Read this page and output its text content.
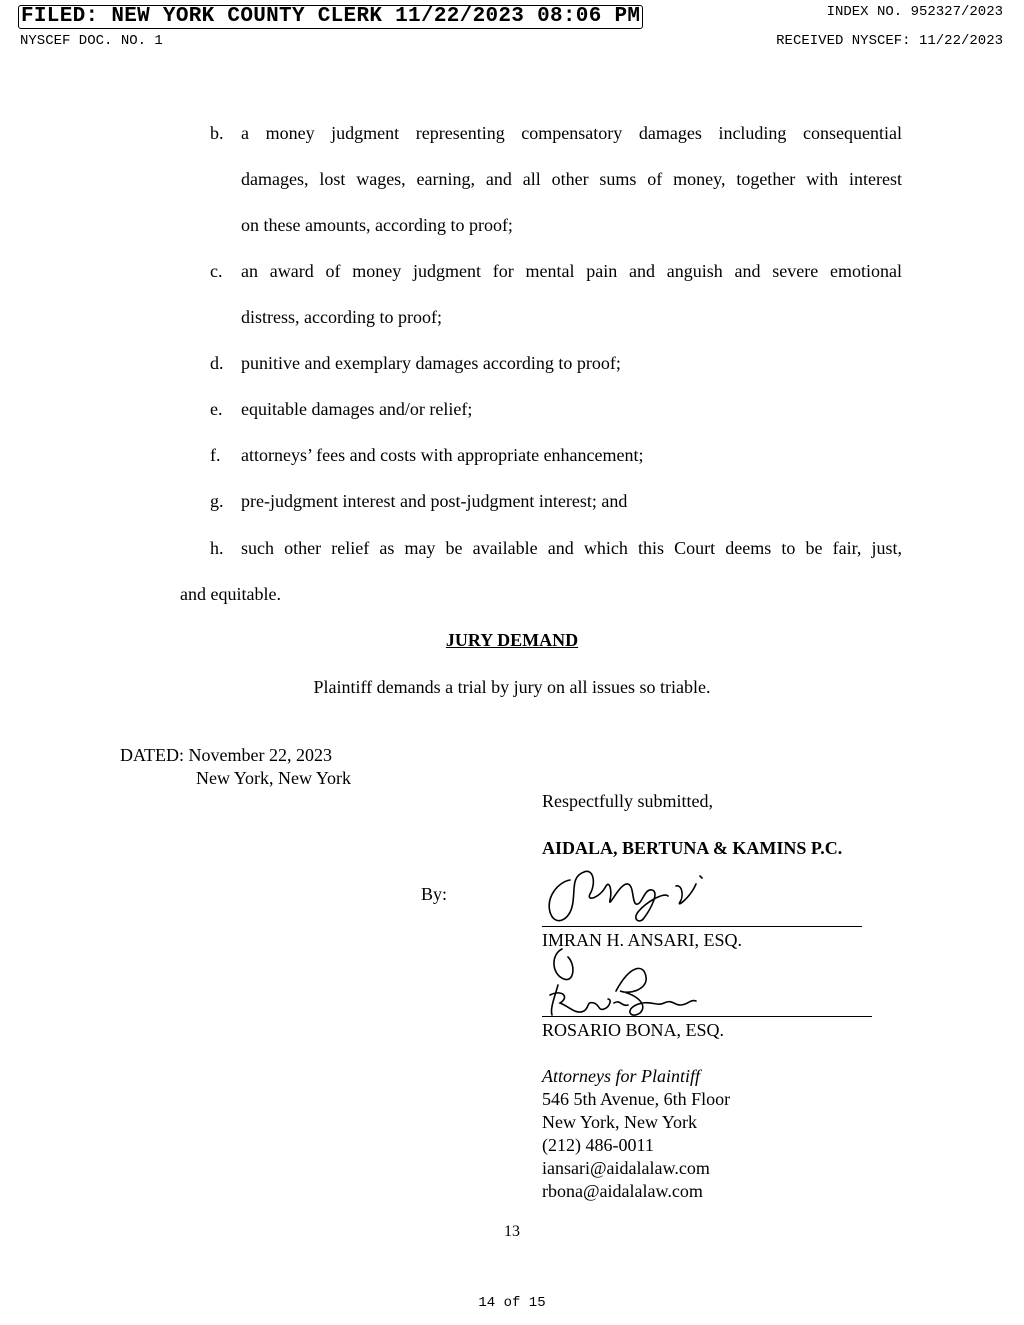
FILED: NEW YORK COUNTY CLERK 11/22/2023 08:06 PM	INDEX NO. 952327/2023
NYSCEF DOC. NO. 1	RECEIVED NYSCEF: 11/22/2023
b. a money judgment representing compensatory damages including consequential
damages, lost wages, earning, and all other sums of money, together with interest
on these amounts, according to proof;
c. an award of money judgment for mental pain and anguish and severe emotional
distress, according to proof;
d. punitive and exemplary damages according to proof;
e. equitable damages and/or relief;
f. attorneys’ fees and costs with appropriate enhancement;
g. pre-judgment interest and post-judgment interest; and
h. such other relief as may be available and which this Court deems to be fair, just,
and equitable.
JURY DEMAND
Plaintiff demands a trial by jury on all issues so triable.
DATED: November 22, 2023
New York, New York
Respectfully submitted,
AIDALA, BERTUNA & KAMINS P.C.
By:
IMRAN H. ANSARI, ESQ.
ROSARIO BONA, ESQ.
Attorneys for Plaintiff
546 5th Avenue, 6th Floor
New York, New York
(212) 486-0011
iansari@aidalalaw.com
rbona@aidalalaw.com
13
14 of 15
